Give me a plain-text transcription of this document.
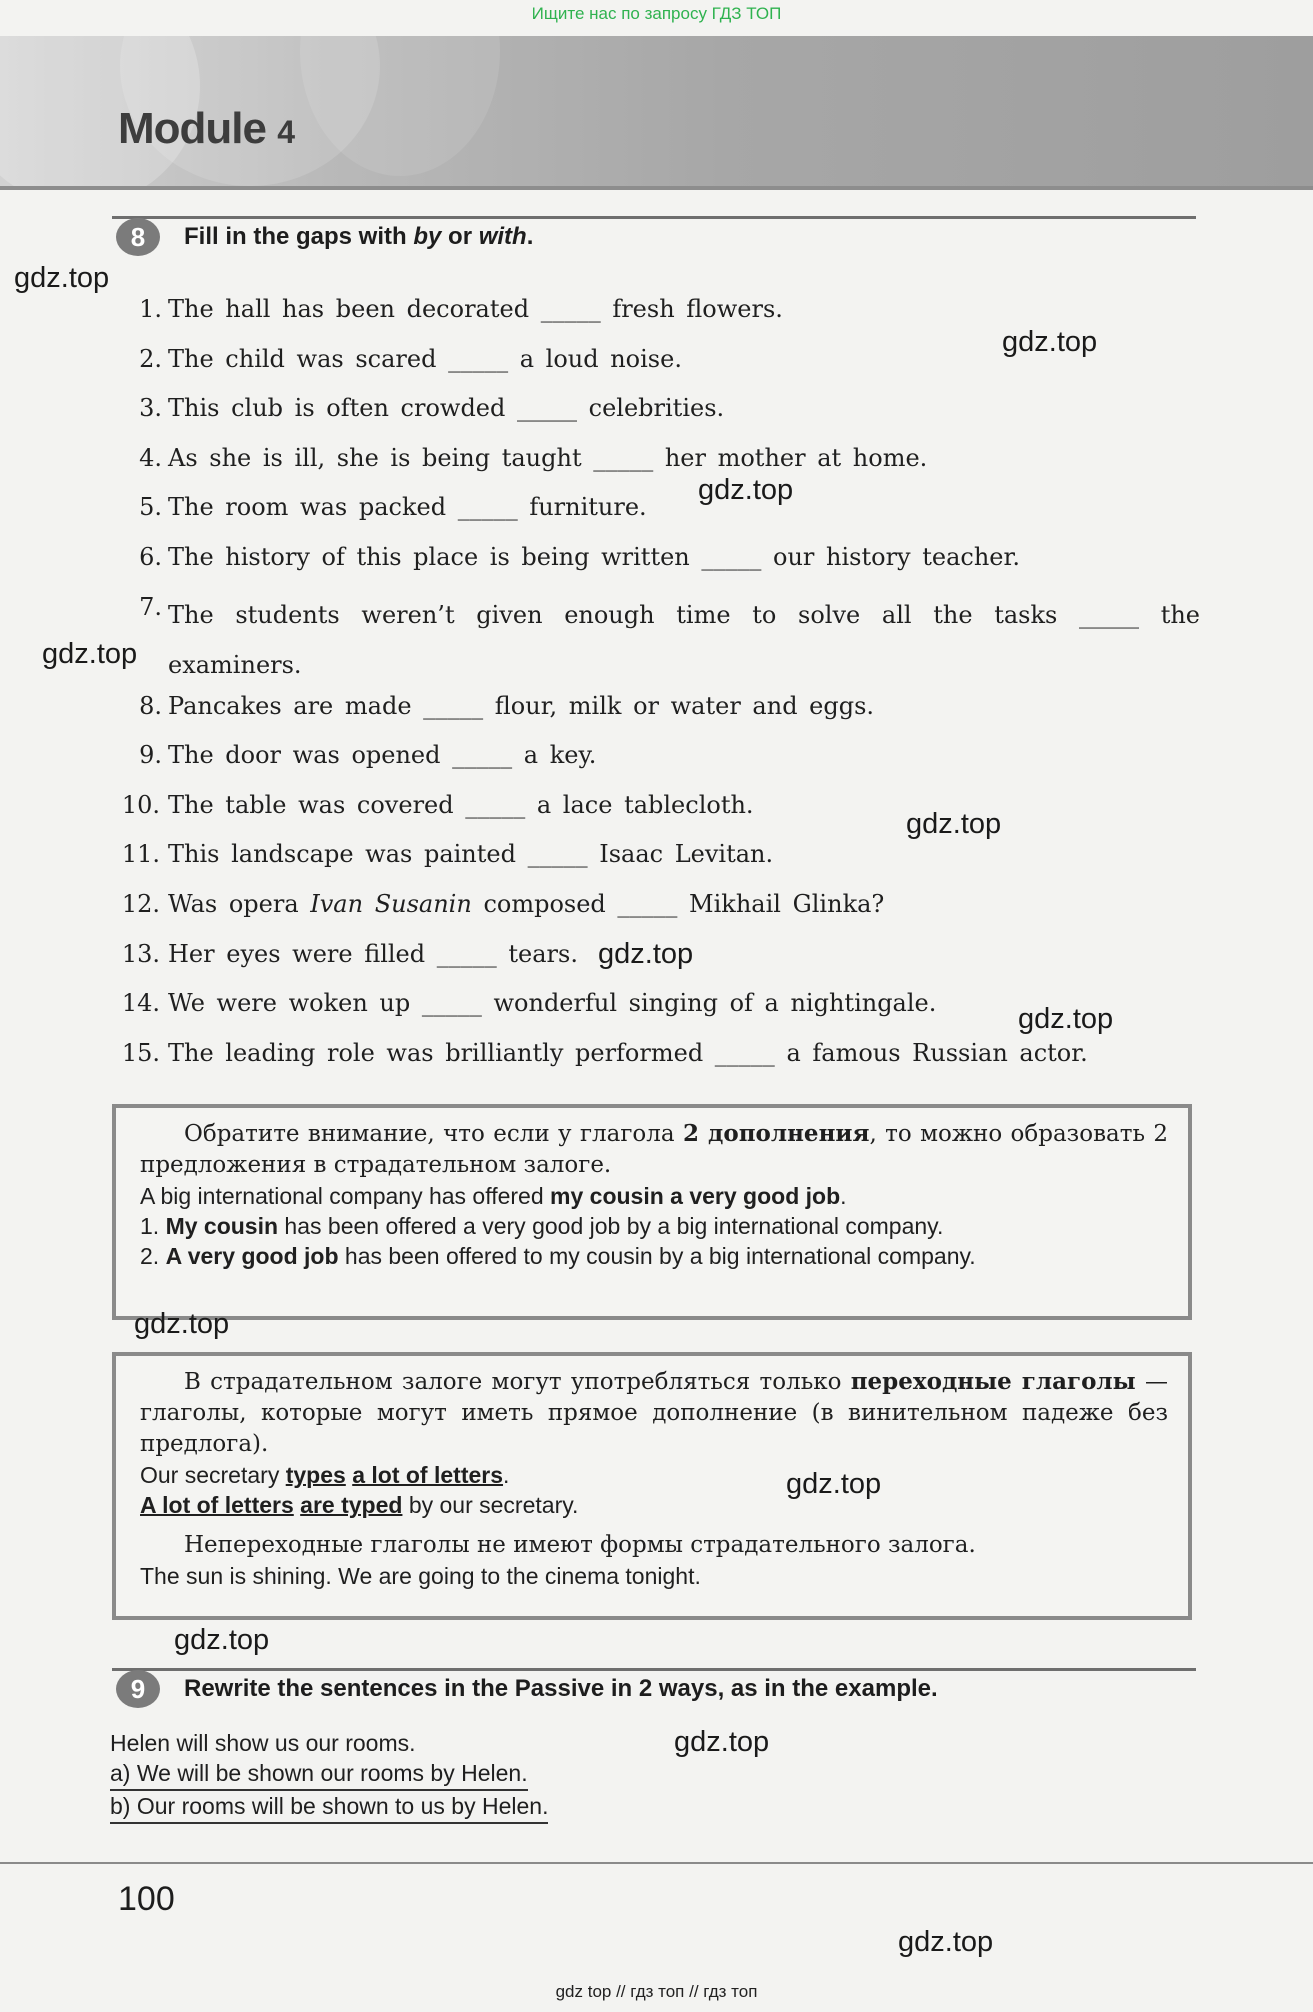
Ищите нас по запросу ГДЗ ТОП
Module 4
8	Fill in the gaps with by or with.
1. The hall has been decorated _____ fresh flowers.
2. The child was scared _____ a loud noise.
3. This club is often crowded _____ celebrities.
4. As she is ill, she is being taught _____ her mother at home.
5. The room was packed _____ furniture.
6. The history of this place is being written _____ our history teacher.
7. The students weren’t given enough time to solve all the tasks _____ the examiners.
8. Pancakes are made _____ flour, milk or water and eggs.
9. The door was opened _____ a key.
10. The table was covered _____ a lace tablecloth.
11. This landscape was painted _____ Isaac Levitan.
12. Was opera Ivan Susanin composed _____ Mikhail Glinka?
13. Her eyes were filled _____ tears.
14. We were woken up _____ wonderful singing of a nightingale.
15. The leading role was brilliantly performed _____ a famous Russian actor.

Обратите внимание, что если у глагола 2 дополнения, то можно образовать 2 предложения в страдательном залоге.

A big international company has offered my cousin a very good job.

1. My cousin has been offered a very good job by a big international company.

2. A very good job has been offered to my cousin by a big international company.

В страдательном залоге могут употребляться только переходные глаголы — глаголы, которые могут иметь прямое дополнение (в винительном падеже без предлога).

Our secretary types a lot of letters.

A lot of letters are typed by our secretary.

Непереходные глаголы не имеют формы страдательного залога.

The sun is shining. We are going to the cinema tonight.

9	Rewrite the sentences in the Passive in 2 ways, as in the example.
Helen will show us our rooms.
a) We will be shown our rooms by Helen.
b) Our rooms will be shown to us by Helen.
100
gdz top // гдз топ // гдз топ
gdz.top
gdz.top
gdz.top
gdz.top
gdz.top
gdz.top
gdz.top
gdz.top
gdz.top
gdz.top
gdz.top
gdz.top
